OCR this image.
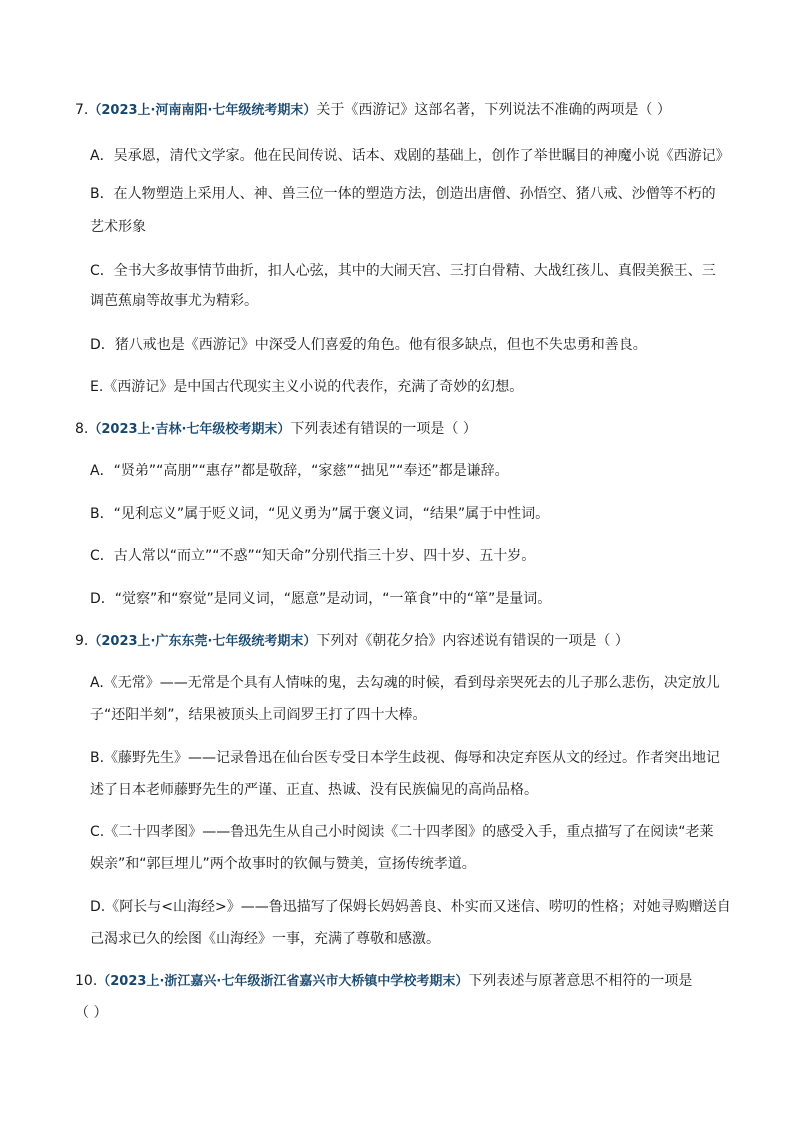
7.（2023上·河南南阳·七年级统考期末）关于《西游记》这部名著，下列说法不准确的两项是（ ）
A．吴承恩，清代文学家。他在民间传说、话本、戏剧的基础上，创作了举世瞩目的神魔小说《西游记》
B．在人物塑造上采用人、神、兽三位一体的塑造方法，创造出唐僧、孙悟空、猪八戒、沙僧等不朽的
艺术形象
C．全书大多故事情节曲折，扣人心弦，其中的大闹天宫、三打白骨精、大战红孩儿、真假美猴王、三
调芭蕉扇等故事尤为精彩。
D．猪八戒也是《西游记》中深受人们喜爱的角色。他有很多缺点，但也不失忠勇和善良。
E.《西游记》是中国古代现实主义小说的代表作，充满了奇妙的幻想。
8.（2023上·吉林·七年级校考期末）下列表述有错误的一项是（ ）
A．“贤弟”“高朋”“惠存”都是敬辞，“家慈”“拙见”“奉还”都是谦辞。
B．“见利忘义”属于贬义词，“见义勇为”属于褒义词，“结果”属于中性词。
C．古人常以“而立”“不惑”“知天命”分别代指三十岁、四十岁、五十岁。
D．“觉察”和“察觉”是同义词，“愿意”是动词，“一箪食”中的“箪”是量词。
9.（2023上·广东东莞·七年级统考期末）下列对《朝花夕拾》内容述说有错误的一项是（ ）
A.《无常》——无常是个具有人情味的鬼，去勾魂的时候，看到母亲哭死去的儿子那么悲伤，决定放儿
子“还阳半刻”，结果被顶头上司阎罗王打了四十大棒。
B.《藤野先生》——记录鲁迅在仙台医专受日本学生歧视、侮辱和决定弃医从文的经过。作者突出地记
述了日本老师藤野先生的严谨、正直、热诚、没有民族偏见的高尚品格。
C.《二十四孝图》——鲁迅先生从自己小时阅读《二十四孝图》的感受入手，重点描写了在阅读“老莱
娱亲”和“郭巨埋儿”两个故事时的钦佩与赞美，宣扬传统孝道。
D.《阿长与<山海经>》——鲁迅描写了保姆长妈妈善良、朴实而又迷信、唠叨的性格；对她寻购赠送自
己渴求已久的绘图《山海经》一事，充满了尊敬和感激。
10.（2023上·浙江嘉兴·七年级浙江省嘉兴市大桥镇中学校考期末）下列表述与原著意思不相符的一项是
（ ）
